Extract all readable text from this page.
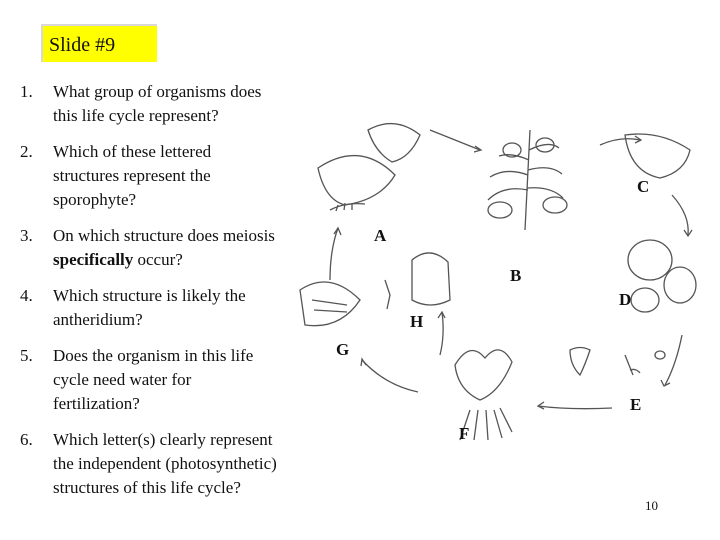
Slide #9
1.	What group of organisms does
this life cycle represent?
2.	Which of these lettered
structures represent the
sporophyte?
3.	On which structure does meiosis
specifically occur?
4.	Which structure is likely the
antheridium?
5.	Does the organism in this life
cycle need water for
fertilization?
6.	Which letter(s) clearly represent
the independent (photosynthetic)
structures of this life cycle?
A
B
C
D
E
F
G
H
10
